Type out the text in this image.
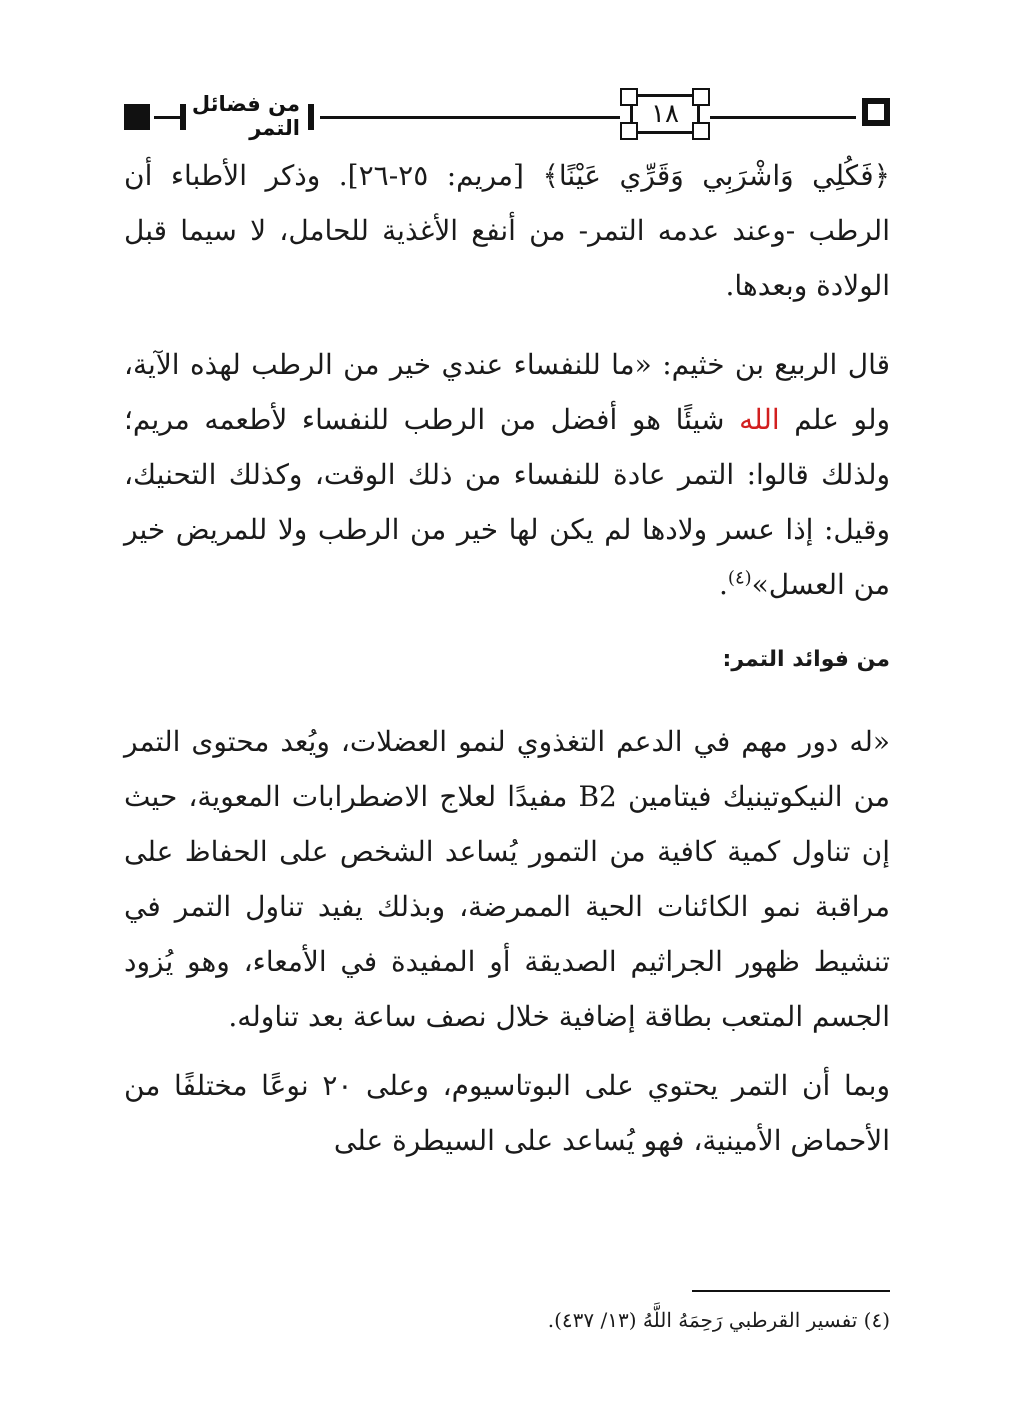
من فضائل التمر	١٨

﴿فَكُلِي وَاشْرَبِي وَقَرِّي عَيْنًا﴾ [مريم: ٢٥-٢٦]. وذكر الأطباء أن الرطب -وعند عدمه التمر- من أنفع الأغذية للحامل، لا سيما قبل الولادة وبعدها.

قال الربيع بن خثيم: «ما للنفساء عندي خير من الرطب لهذه الآية، ولو علم الله شيئًا هو أفضل من الرطب للنفساء لأطعمه مريم؛ ولذلك قالوا: التمر عادة للنفساء من ذلك الوقت، وكذلك التحنيك، وقيل: إذا عسر ولادها لم يكن لها خير من الرطب ولا للمريض خير من العسل»$^{(٤)}$.

من فوائد التمر:

«له دور مهم في الدعم التغذوي لنمو العضلات، ويُعد محتوى التمر من النيكوتينيك فيتامين B2 مفيدًا لعلاج الاضطرابات المعوية، حيث إن تناول كمية كافية من التمور يُساعد الشخص على الحفاظ على مراقبة نمو الكائنات الحية الممرضة، وبذلك يفيد تناول التمر في تنشيط ظهور الجراثيم الصديقة أو المفيدة في الأمعاء، وهو يُزود الجسم المتعب بطاقة إضافية خلال نصف ساعة بعد تناوله.

وبما أن التمر يحتوي على البوتاسيوم، وعلى ٢٠ نوعًا مختلفًا من الأحماض الأمينية، فهو يُساعد على السيطرة على

(٤) تفسير القرطبي رَحِمَهُ اللَّهُ (١٣/ ٤٣٧).
